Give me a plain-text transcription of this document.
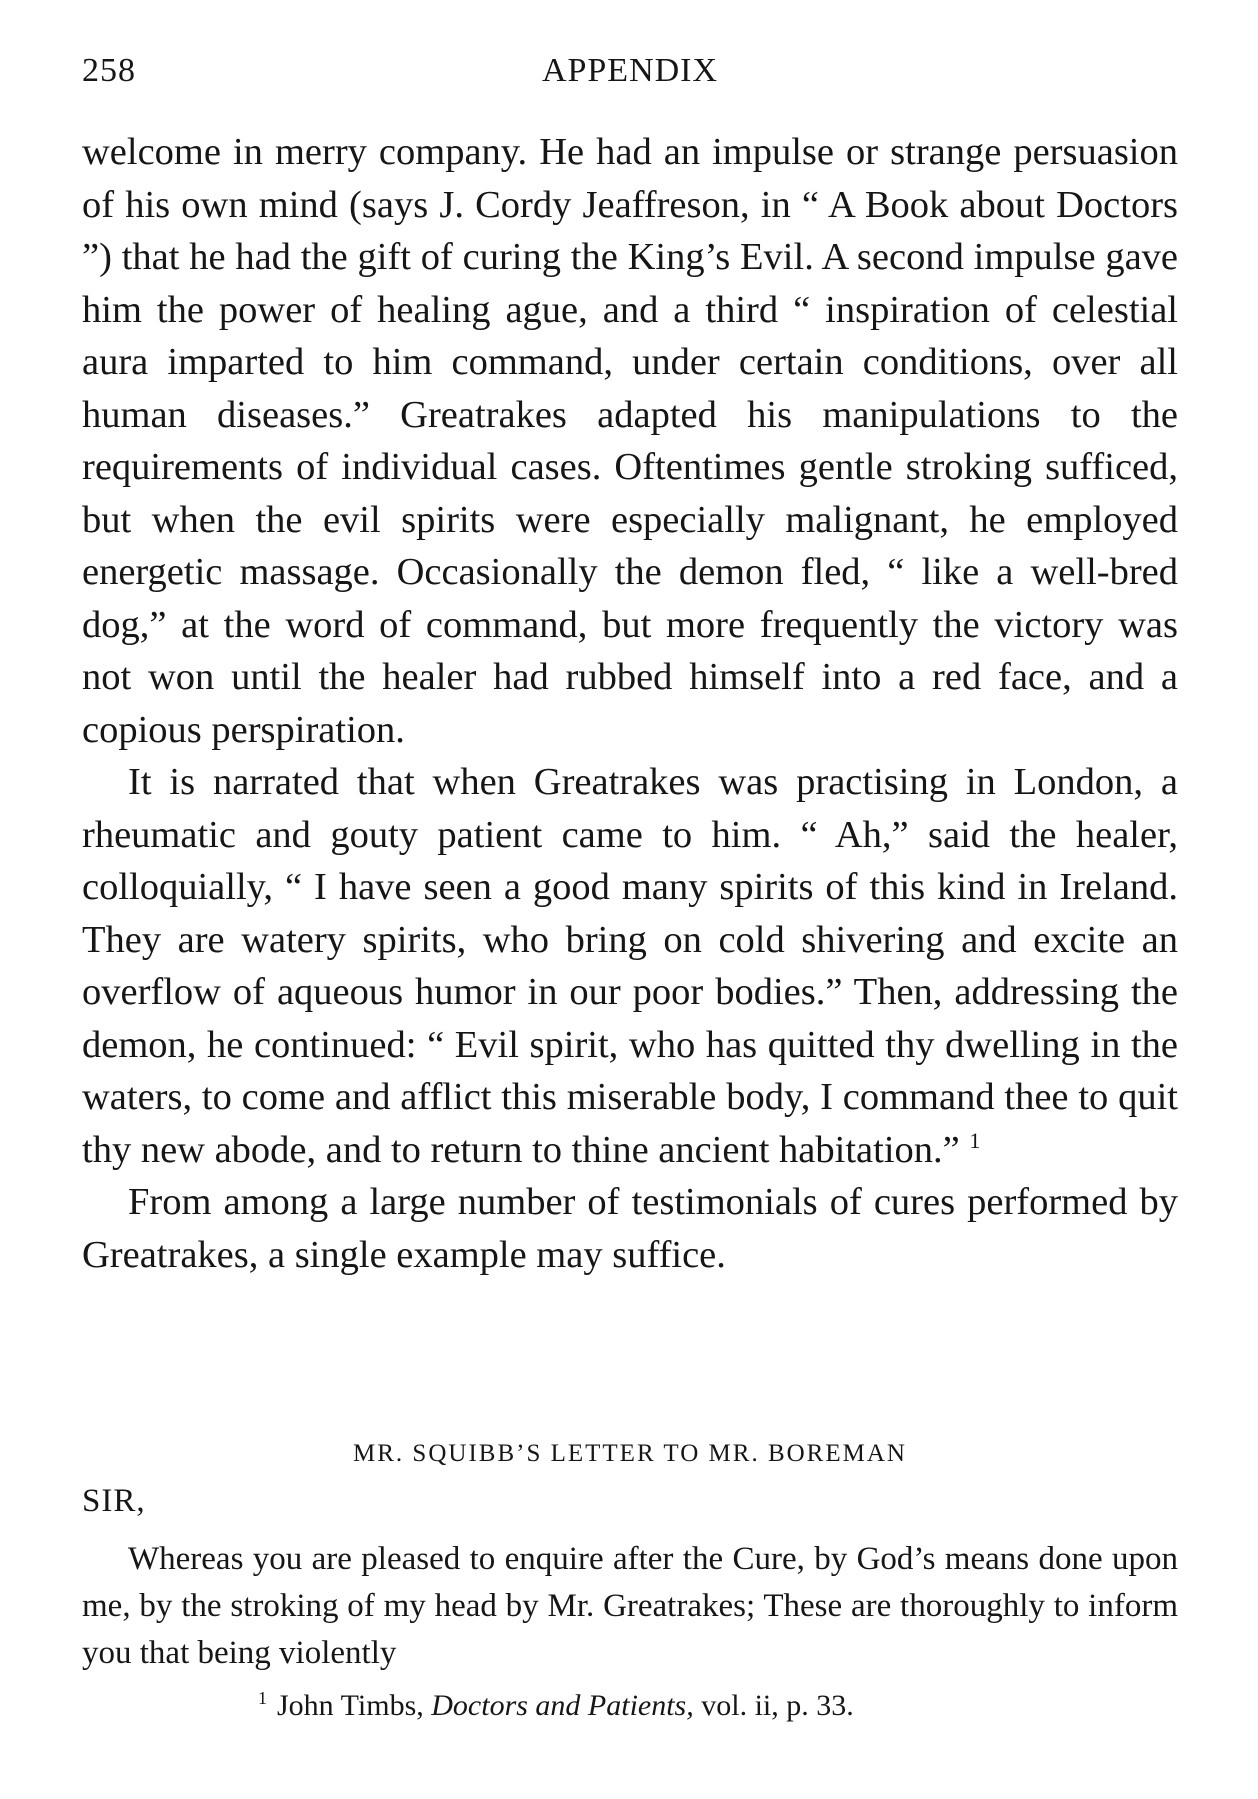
258	APPENDIX

welcome in merry company. He had an impulse or strange persuasion of his own mind (says J. Cordy Jeaffreson, in “ A Book about Doctors ”) that he had the gift of curing the King’s Evil. A second impulse gave him the power of healing ague, and a third “ inspiration of celestial aura imparted to him command, under certain conditions, over all human diseases.” Greatrakes adapted his manipulations to the requirements of individual cases. Oftentimes gentle stroking sufficed, but when the evil spirits were especially malignant, he employed energetic massage. Occasionally the demon fled, “ like a well-bred dog,” at the word of command, but more frequently the victory was not won until the healer had rubbed himself into a red face, and a copious perspiration.

It is narrated that when Greatrakes was practising in London, a rheumatic and gouty patient came to him. “ Ah,” said the healer, colloquially, “ I have seen a good many spirits of this kind in Ireland. They are watery spirits, who bring on cold shivering and excite an overflow of aqueous humor in our poor bodies.” Then, addressing the demon, he continued: “ Evil spirit, who has quitted thy dwelling in the waters, to come and afflict this miserable body, I command thee to quit thy new abode, and to return to thine ancient habitation.” $^1$

From among a large number of testimonials of cures performed by Greatrakes, a single example may suffice.

MR. SQUIBB’S LETTER TO MR. BOREMAN
SIR,
Whereas you are pleased to enquire after the Cure, by God’s means done upon me, by the stroking of my head by Mr. Greatrakes; These are thoroughly to inform you that being violently
$^1$ John Timbs, Doctors and Patients, vol. ii, p. 33.
